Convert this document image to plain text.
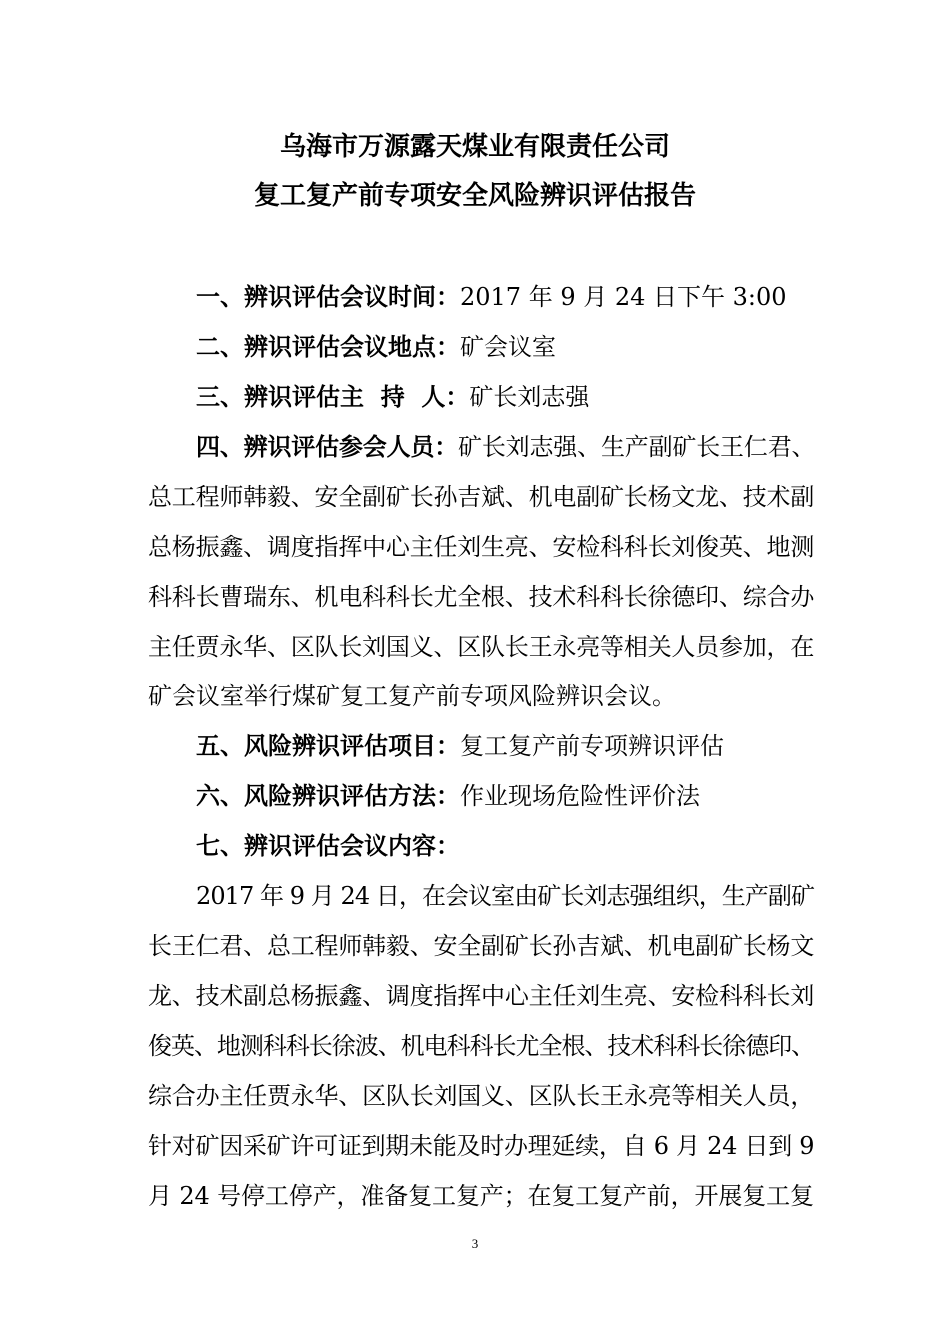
乌海市万源露天煤业有限责任公司
复工复产前专项安全风险辨识评估报告
一、辨识评估会议时间：2017 年 9 月 24 日下午 3:00
二、辨识评估会议地点：矿会议室
三、辨识评估主  持  人：矿长刘志强
四、辨识评估参会人员：矿长刘志强、生产副矿长王仁君、
总工程师韩毅、安全副矿长孙吉斌、机电副矿长杨文龙、技术副
总杨振鑫、调度指挥中心主任刘生亮、安检科科长刘俊英、地测
科科长曹瑞东、机电科科长尤全根、技术科科长徐德印、综合办
主任贾永华、区队长刘国义、区队长王永亮等相关人员参加，在
矿会议室举行煤矿复工复产前专项风险辨识会议。
五、风险辨识评估项目：复工复产前专项辨识评估
六、风险辨识评估方法：作业现场危险性评价法
七、辨识评估会议内容：
2017 年 9 月 24 日，在会议室由矿长刘志强组织，生产副矿
长王仁君、总工程师韩毅、安全副矿长孙吉斌、机电副矿长杨文
龙、技术副总杨振鑫、调度指挥中心主任刘生亮、安检科科长刘
俊英、地测科科长徐波、机电科科长尤全根、技术科科长徐德印、
综合办主任贾永华、区队长刘国义、区队长王永亮等相关人员，
针对矿因采矿许可证到期未能及时办理延续，自 6 月 24 日到 9
月 24 号停工停产，准备复工复产；在复工复产前，开展复工复
3
